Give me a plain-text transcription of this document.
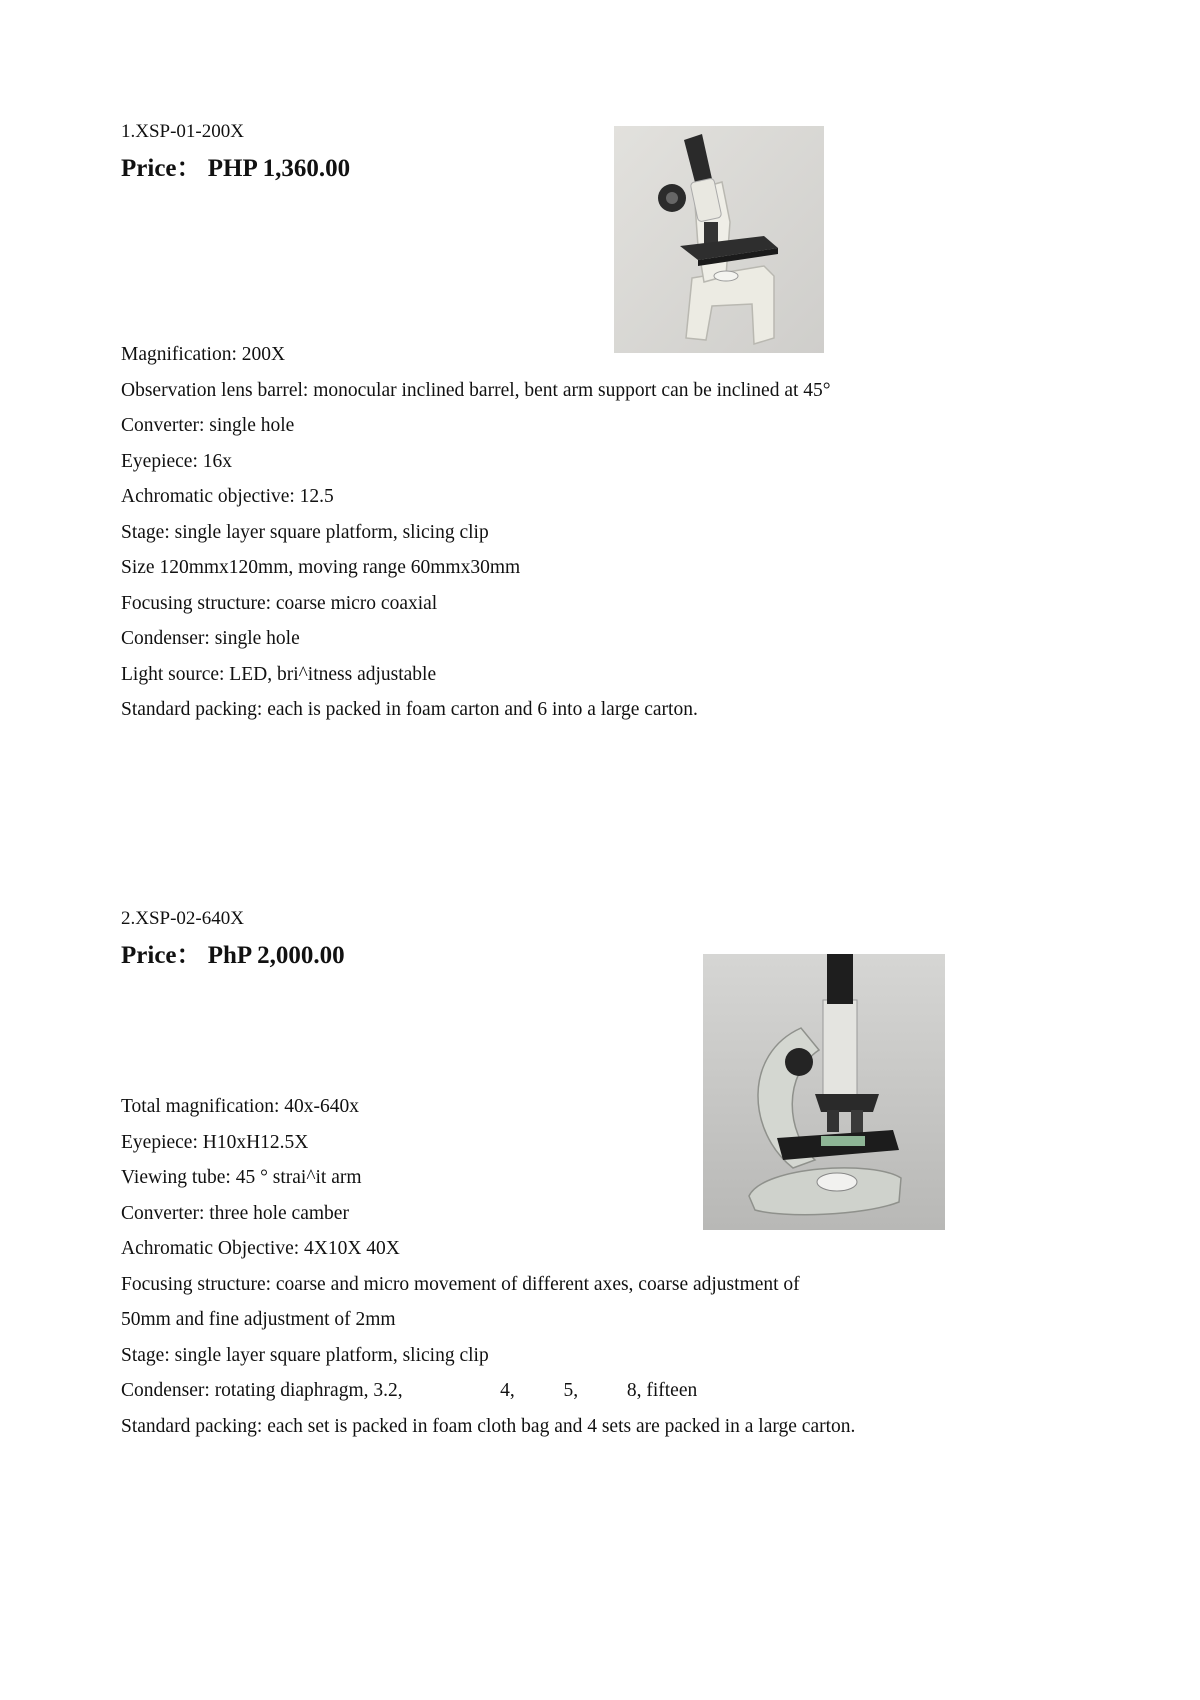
1.XSP-01-200X
Price： PHP 1,360.00
Magnification: 200X
Observation lens barrel: monocular inclined barrel, bent arm support can be inclined at 45°
Converter: single hole
Eyepiece: 16x
Achromatic objective: 12.5
Stage: single layer square platform, slicing clip
Size 120mmx120mm, moving range 60mmx30mm
Focusing structure: coarse micro coaxial
Condenser: single hole
Light source: LED, bri^itness adjustable
Standard packing: each is packed in foam carton and 6 into a large carton.
2.XSP-02-640X
Price： PhP 2,000.00
Total magnification: 40x-640x
Eyepiece: H10xH12.5X
Viewing tube: 45 ° strai^it arm
Converter: three hole camber
Achromatic Objective: 4X10X 40X
Focusing structure: coarse and micro movement of different axes, coarse adjustment of
50mm and fine adjustment of 2mm
Stage: single layer square platform, slicing clip
Condenser: rotating diaphragm, 3.2,                    4,          5,          8, fifteen
Standard packing: each set is packed in foam cloth bag and 4 sets are packed in a large carton.
